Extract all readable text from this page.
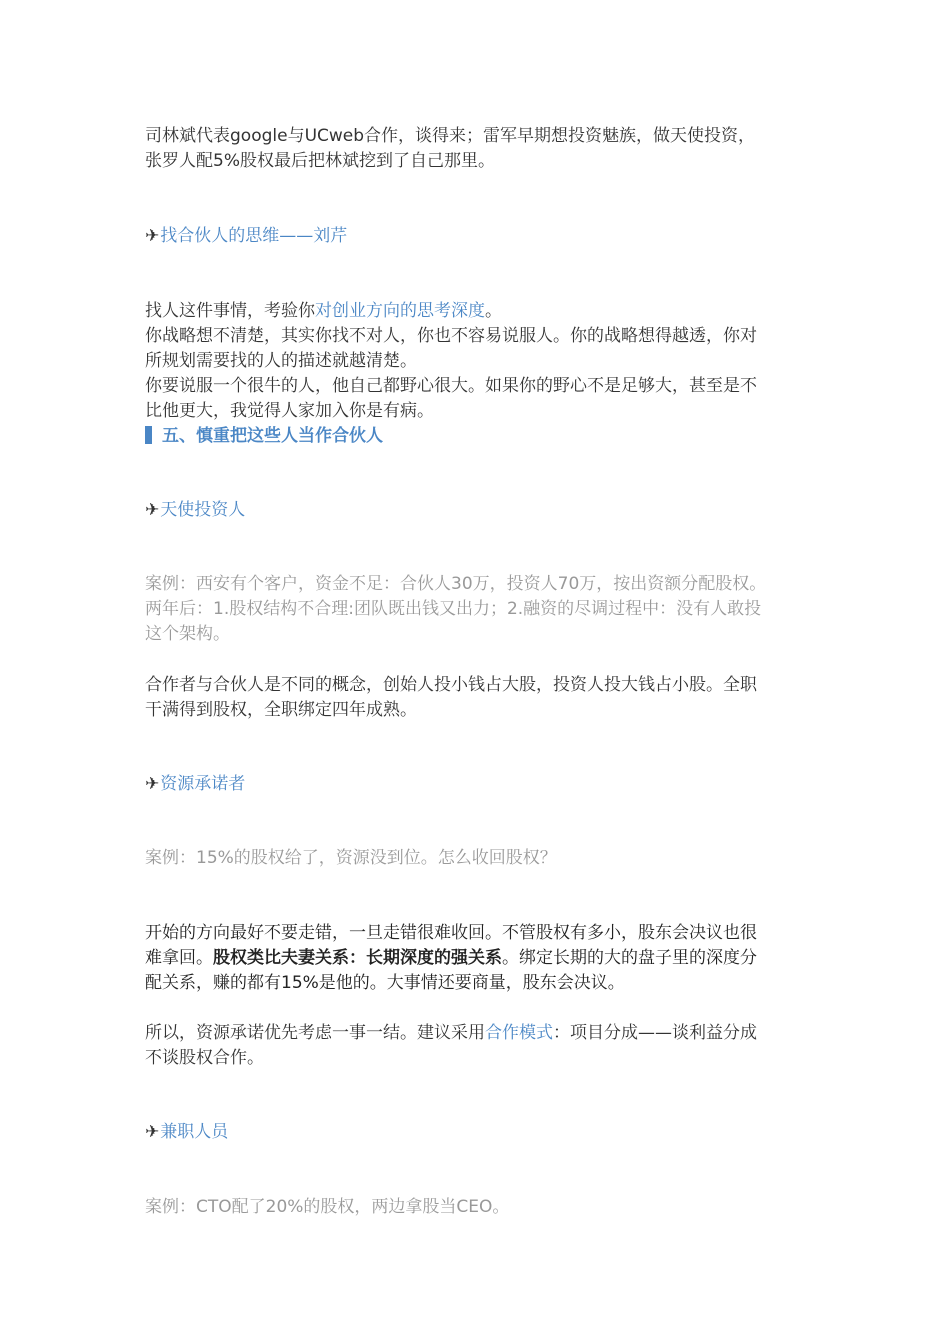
司林斌代表google与UCweb合作，谈得来；雷军早期想投资魅族，做天使投资，
张罗人配5%股权最后把林斌挖到了自己那里。
✈找合伙人的思维——刘芹
找人这件事情，考验你对创业方向的思考深度。
你战略想不清楚，其实你找不对人，你也不容易说服人。你的战略想得越透，你对
所规划需要找的人的描述就越清楚。
你要说服一个很牛的人，他自己都野心很大。如果你的野心不是足够大，甚至是不
比他更大，我觉得人家加入你是有病。
五、慎重把这些人当作合伙人
✈天使投资人
案例：西安有个客户，资金不足：合伙人30万，投资人70万，按出资额分配股权。
两年后：1.股权结构不合理:团队既出钱又出力；2.融资的尽调过程中：没有人敢投
这个架构。
合作者与合伙人是不同的概念，创始人投小钱占大股，投资人投大钱占小股。全职
干满得到股权，全职绑定四年成熟。
✈资源承诺者
案例：15%的股权给了，资源没到位。怎么收回股权？
开始的方向最好不要走错，一旦走错很难收回。不管股权有多小，股东会决议也很
难拿回。股权类比夫妻关系：长期深度的强关系。绑定长期的大的盘子里的深度分
配关系，赚的都有15%是他的。大事情还要商量，股东会决议。
所以，资源承诺优先考虑一事一结。建议采用合作模式：项目分成——谈利益分成
不谈股权合作。
✈兼职人员
案例：CTO配了20%的股权，两边拿股当CEO。
